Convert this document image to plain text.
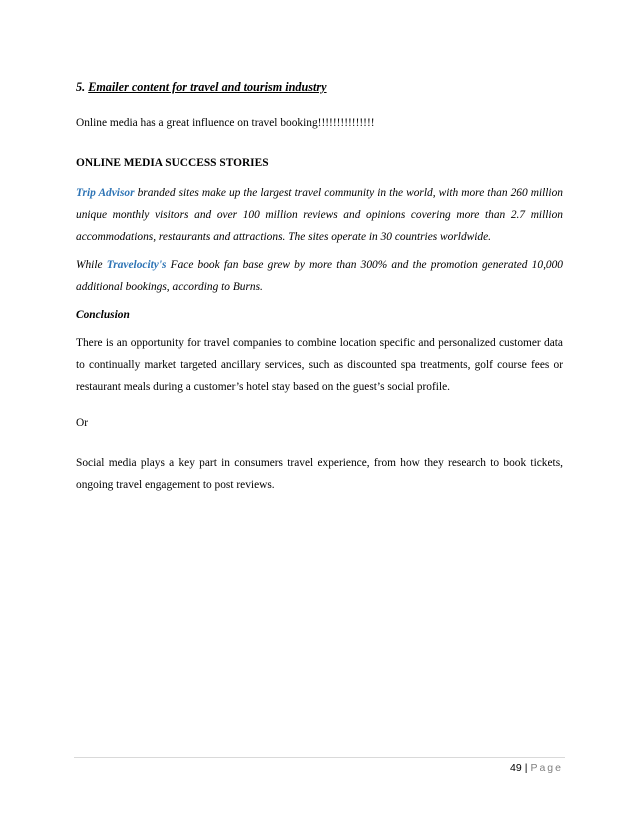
5. Emailer content for travel and tourism industry

Online media has a great influence on travel booking!!!!!!!!!!!!!!!

ONLINE MEDIA SUCCESS STORIES

Trip Advisor branded sites make up the largest travel community in the world, with more than 260 million unique monthly visitors and over 100 million reviews and opinions covering more than 2.7 million accommodations, restaurants and attractions. The sites operate in 30 countries worldwide.

While Travelocity's Face book fan base grew by more than 300% and the promotion generated 10,000 additional bookings, according to Burns.

Conclusion

There is an opportunity for travel companies to combine location specific and personalized customer data to continually market targeted ancillary services, such as discounted spa treatments, golf course fees or restaurant meals during a customer’s hotel stay based on the guest’s social profile.

Or

Social media plays a key part in consumers travel experience, from how they research to book tickets, ongoing travel engagement to post reviews.

49 | Page
